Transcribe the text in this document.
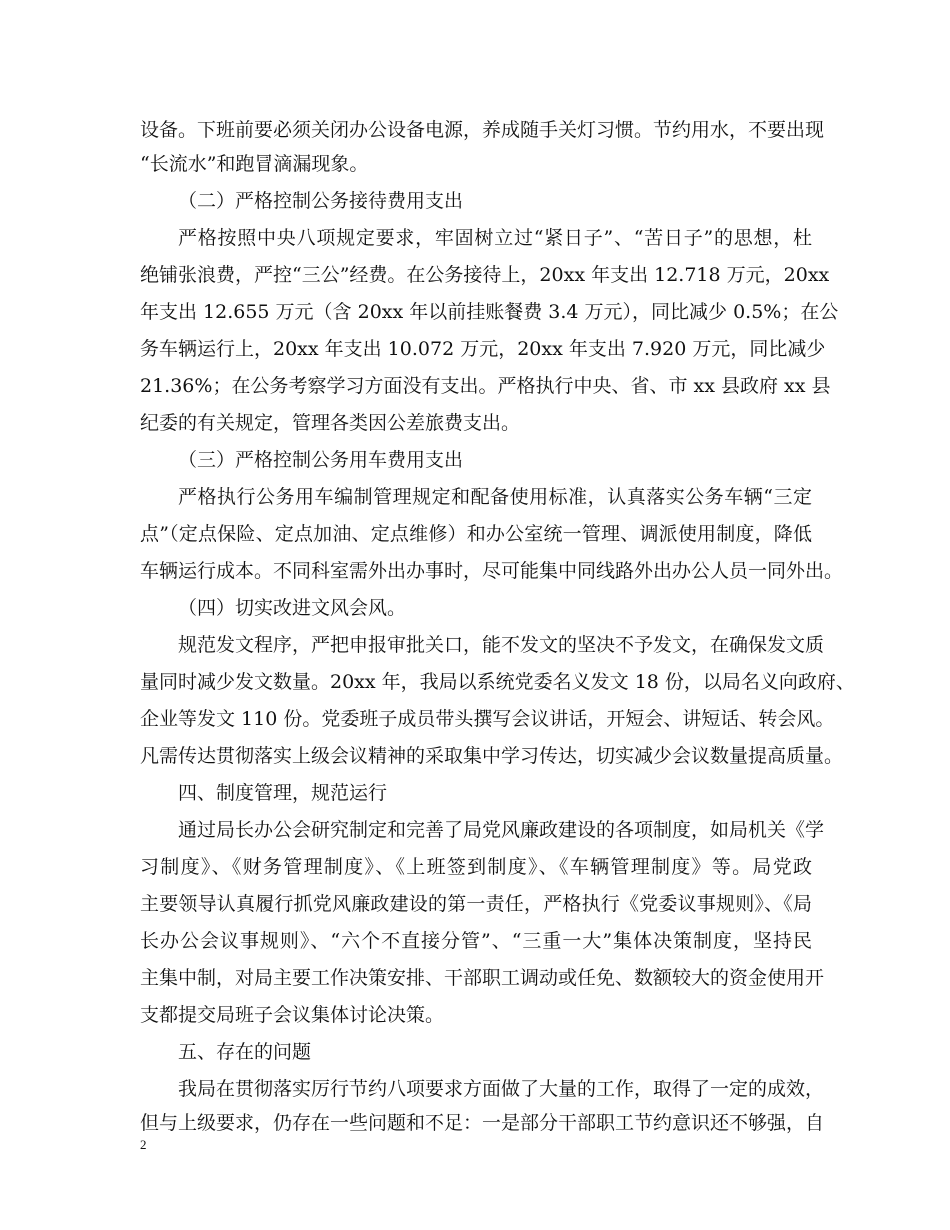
设备。下班前要必须关闭办公设备电源，养成随手关灯习惯。节约用水，不要出现
“长流水”和跑冒滴漏现象。
（二）严格控制公务接待费用支出
严格按照中央八项规定要求，牢固树立过“紧日子”、“苦日子”的思想，杜
绝铺张浪费，严控“三公”经费。在公务接待上，20xx 年支出 12.718 万元，20xx
年支出 12.655 万元（含 20xx 年以前挂账餐费 3.4 万元），同比减少 0.5%；在公
务车辆运行上，20xx 年支出 10.072 万元，20xx 年支出 7.920 万元，同比减少
21.36%；在公务考察学习方面没有支出。严格执行中央、省、市 xx 县政府 xx 县
纪委的有关规定，管理各类因公差旅费支出。
（三）严格控制公务用车费用支出
严格执行公务用车编制管理规定和配备使用标准，认真落实公务车辆“三定
点”（定点保险、定点加油、定点维修）和办公室统一管理、调派使用制度，降低
车辆运行成本。不同科室需外出办事时，尽可能集中同线路外出办公人员一同外出。
（四）切实改进文风会风。
规范发文程序，严把申报审批关口，能不发文的坚决不予发文，在确保发文质
量同时减少发文数量。20xx 年，我局以系统党委名义发文 18 份，以局名义向政府、
企业等发文 110 份。党委班子成员带头撰写会议讲话，开短会、讲短话、转会风。
凡需传达贯彻落实上级会议精神的采取集中学习传达，切实减少会议数量提高质量。
四、制度管理，规范运行
通过局长办公会研究制定和完善了局党风廉政建设的各项制度，如局机关《学
习制度》、《财务管理制度》、《上班签到制度》、《车辆管理制度》等。局党政
主要领导认真履行抓党风廉政建设的第一责任，严格执行《党委议事规则》、《局
长办公会议事规则》、“六个不直接分管”、“三重一大”集体决策制度，坚持民
主集中制，对局主要工作决策安排、干部职工调动或任免、数额较大的资金使用开
支都提交局班子会议集体讨论决策。
五、存在的问题
我局在贯彻落实厉行节约八项要求方面做了大量的工作，取得了一定的成效，
但与上级要求，仍存在一些问题和不足：一是部分干部职工节约意识还不够强，自
2
